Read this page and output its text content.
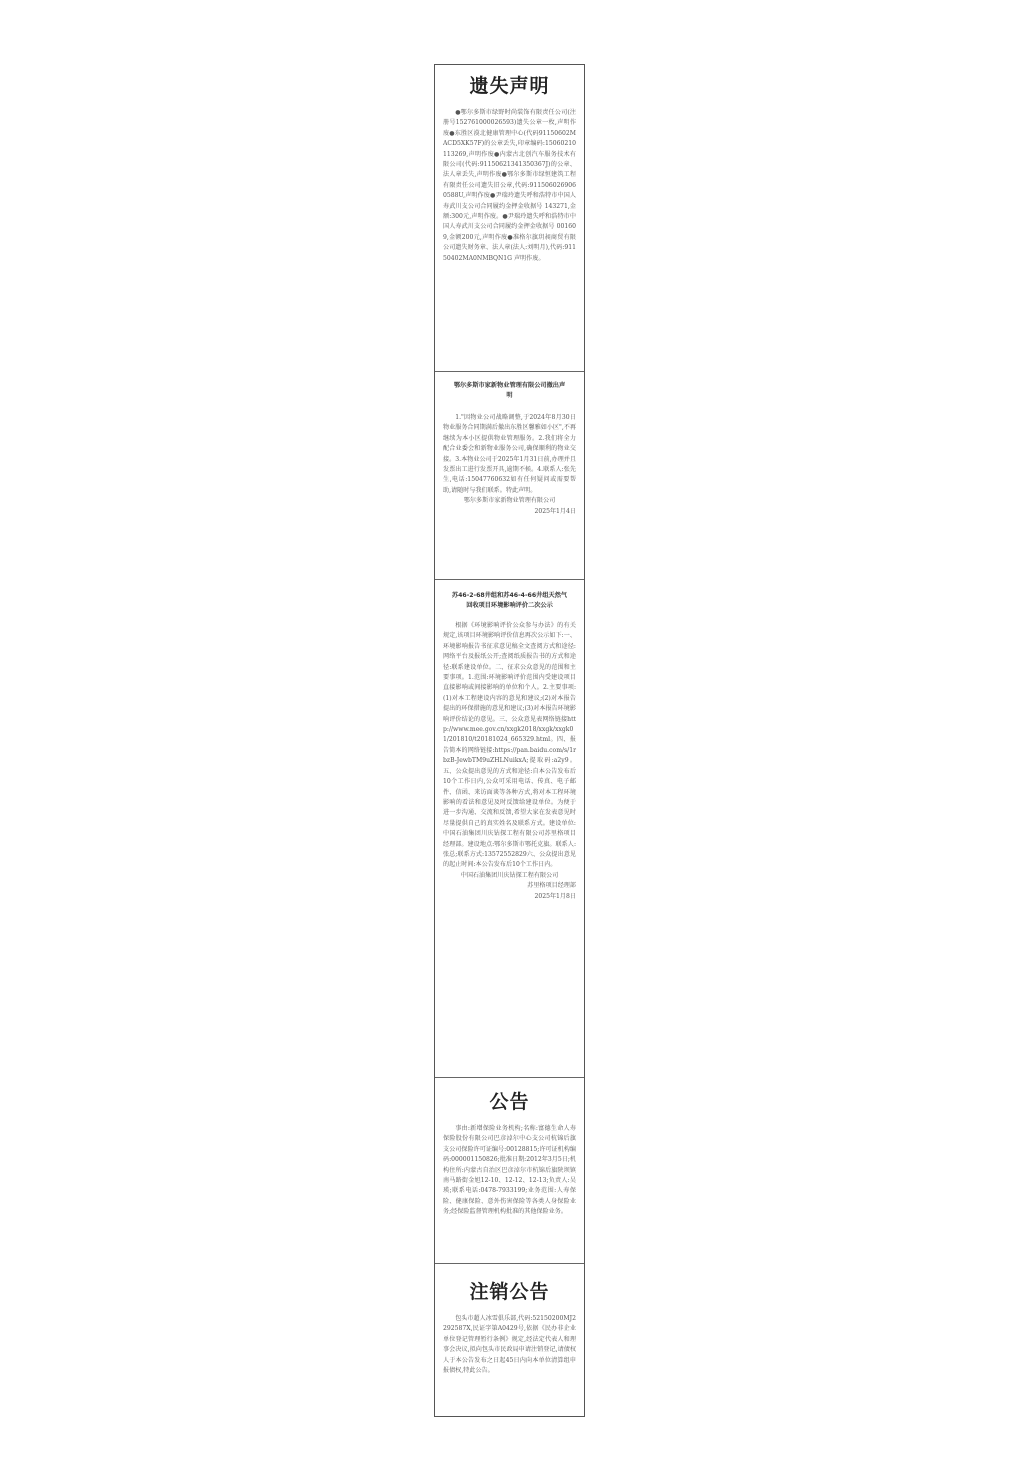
遗失声明
●鄂尔多斯市绿野时尚装饰有限责任公司(注册号152761000026593)遗失公章一枚,声明作废●东胜区漠北健康管理中心(代码91150602MACD5XK57F)的公章丢失,印章编码:15060210113269,声明作废●内蒙古北创汽车服务技术有限公司(代码:91150621341350367J)的公章、法人章丢失,声明作废●鄂尔多斯市绿恒建筑工程有限责任公司遗失旧公章,代码:9115060269060588U,声明作废●尹瑞玲遗失呼和浩特市中国人寿武川支公司合同履约金押金收据号 143271,金额:300元,声明作废。●尹瑞玲遗失呼和浩特市中国人寿武川支公司合同履约金押金收据号 001609,金额200元,声明作废●准格尔旗玥昶商贸有限公司遗失财务章、法人章(法人:刘明月),代码:91150402MA0NMBQN1G 声明作废。
鄂尔多斯市家新物业管理有限公司撤出声明
1."因物业公司战略调整,于2024年8月30日物业服务合同期满后撤出东胜区馨雅如小区",不再继续为本小区提供物业管理服务。2.我们将全力配合业委会和新物业服务公司,确保顺利的物业交接。3.本物业公司于2025年1月31日前,办理并且发票出工进行发票开具,逾期不候。4.联系人:张先生,电话:15047760632如有任何疑问或需要帮助,请随时与我们联系。特此声明。
鄂尔多斯市家新物业管理有限公司
2025年1月4日
苏46-2-68井组和苏46-4-66井组天然气回收项目环境影响评价二次公示
根据《环境影响评价公众参与办法》的有关规定,该项目环境影响评价信息再次公示如下:一、环境影响报告书征求意见稿全文查阅方式和途径:网络平台及报纸公开;查阅纸质报告书的方式和途径:联系建设单位。二、征求公众意见的范围和主要事项。1.范围:环境影响评价范围内受建设项目直接影响或间接影响的单位和个人。2.主要事项:(1)对本工程建设内容的意见和建议;(2)对本报告提出的环保措施的意见和建议;(3)对本报告环境影响评价结论的意见。三、公众意见表网络链接http://www.mee.gov.cn/xxgk2018/xxgk/xxgk01/201810/t20181024_665329.html。四、报告简本的网络链接:https://pan.baidu.com/s/1rbzB-JewbTM9uZHLNuikxA;提取码:a2y9。五、公众提出意见的方式和途径:自本公告发布后10个工作日内,公众可采用电话、传真、电子邮件、信函、来访面谈等各种方式,将对本工程环境影响的看法和意见及时反馈给建设单位。为便于进一步沟通、交流和反馈,希望大家在发表意见时尽量提供自己的真实姓名及联系方式。建设单位:中国石油集团川庆钻探工程有限公司苏里格项目经理部。建设地点:鄂尔多斯市鄂托克旗。联系人:张总;联系方式:13572552829六、公众提出意见的起止时间:本公告发布后10个工作日内。
中国石油集团川庆钻探工程有限公司
苏里格项目经理部
2025年1月8日
公告
事由:新增保险业务机构;名称:富德生命人寿保险股份有限公司巴彦淖尔中心支公司杭锦后旗支公司保险许可证编号:00128815;许可证机构编码:000001150826;批准日期:2012年3月5日;机构住所:内蒙古自治区巴彦淖尔市杭锦后旗陕坝镇南马路街金旭12-10、12-12、12-13;负责人:吴瑛;联系电话:0478-7933199;业务范围:人寿保险、健康保险、意外伤害保险等各类人身保险业务;经保险监督管理机构批准的其他保险业务。
注销公告
包头市超人冰雪俱乐部,代码:52150200MJ2292587X,民证字第A0429号,依据《民办非企业单位登记管理暂行条例》规定,经法定代表人和理事会决议,拟向包头市民政局申请注销登记,请债权人于本公告发布之日起45日内向本单位清算组申报债权,特此公告。
